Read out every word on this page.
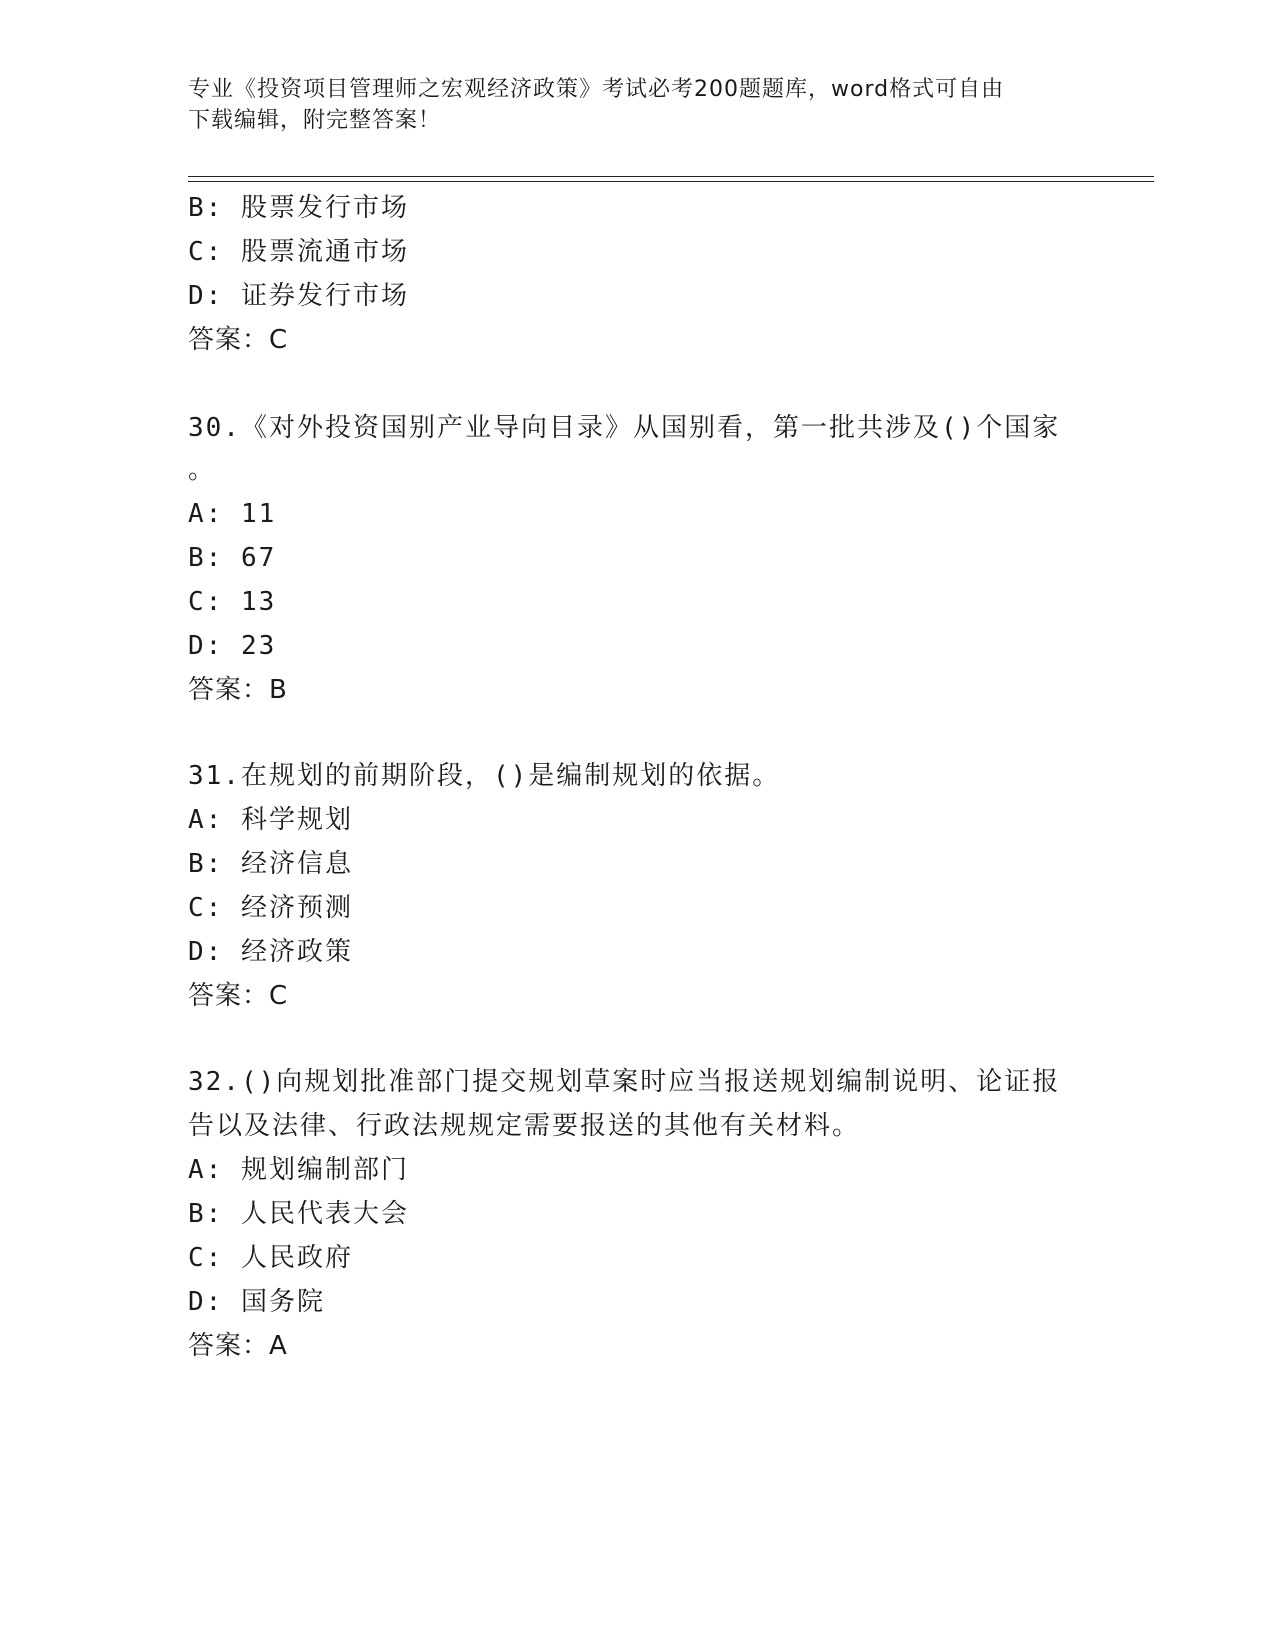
专业《投资项目管理师之宏观经济政策》考试必考200题题库，word格式可自由
下载编辑，附完整答案！
B: 股票发行市场
C: 股票流通市场
D: 证券发行市场
答案：C
30.《对外投资国别产业导向目录》从国别看，第一批共涉及()个国家
。
A: 11
B: 67
C: 13
D: 23
答案：B
31.在规划的前期阶段，()是编制规划的依据。
A: 科学规划
B: 经济信息
C: 经济预测
D: 经济政策
答案：C
32.()向规划批准部门提交规划草案时应当报送规划编制说明、论证报
告以及法律、行政法规规定需要报送的其他有关材料。
A: 规划编制部门
B: 人民代表大会
C: 人民政府
D: 国务院
答案：A
